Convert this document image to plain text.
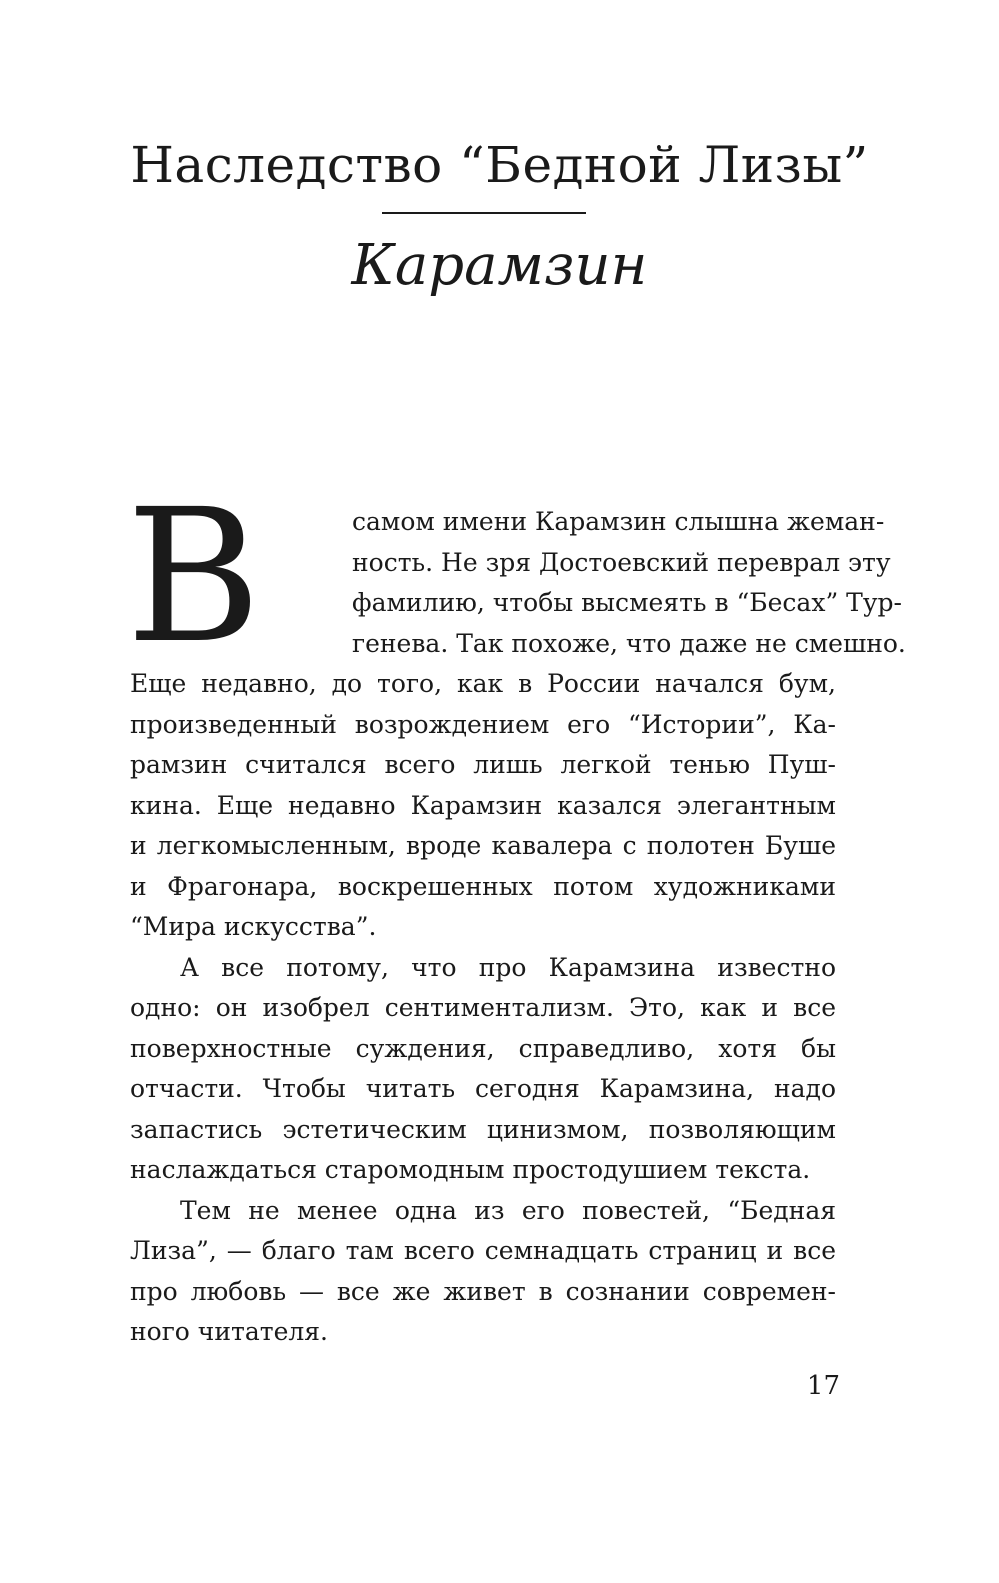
Наследство “Бедной Лизы”
Карамзин
В	самом имени Карамзин слышна жеман-
ность. Не зря Достоевский переврал эту
фамилию, чтобы высмеять в “Бесах” Тур-
генева. Так похоже, что даже не смешно.
Еще недавно, до того, как в России начался бум,
произведенный возрождением его “Истории”, Ка-
рамзин считался всего лишь легкой тенью Пуш-
кина. Еще недавно Карамзин казался элегантным
и легкомысленным, вроде кавалера с полотен Буше
и Фрагонара, воскрешенных потом художниками
“Мира искусства”.
А все потому, что про Карамзина известно
одно: он изобрел сентиментализм. Это, как и все
поверхностные суждения, справедливо, хотя бы
отчасти. Чтобы читать сегодня Карамзина, надо
запастись эстетическим цинизмом, позволяющим
наслаждаться старомодным простодушием текста.
Тем не менее одна из его повестей, “Бедная
Лиза”, — благо там всего семнадцать страниц и все
про любовь — все же живет в сознании современ-
ного читателя.
17
